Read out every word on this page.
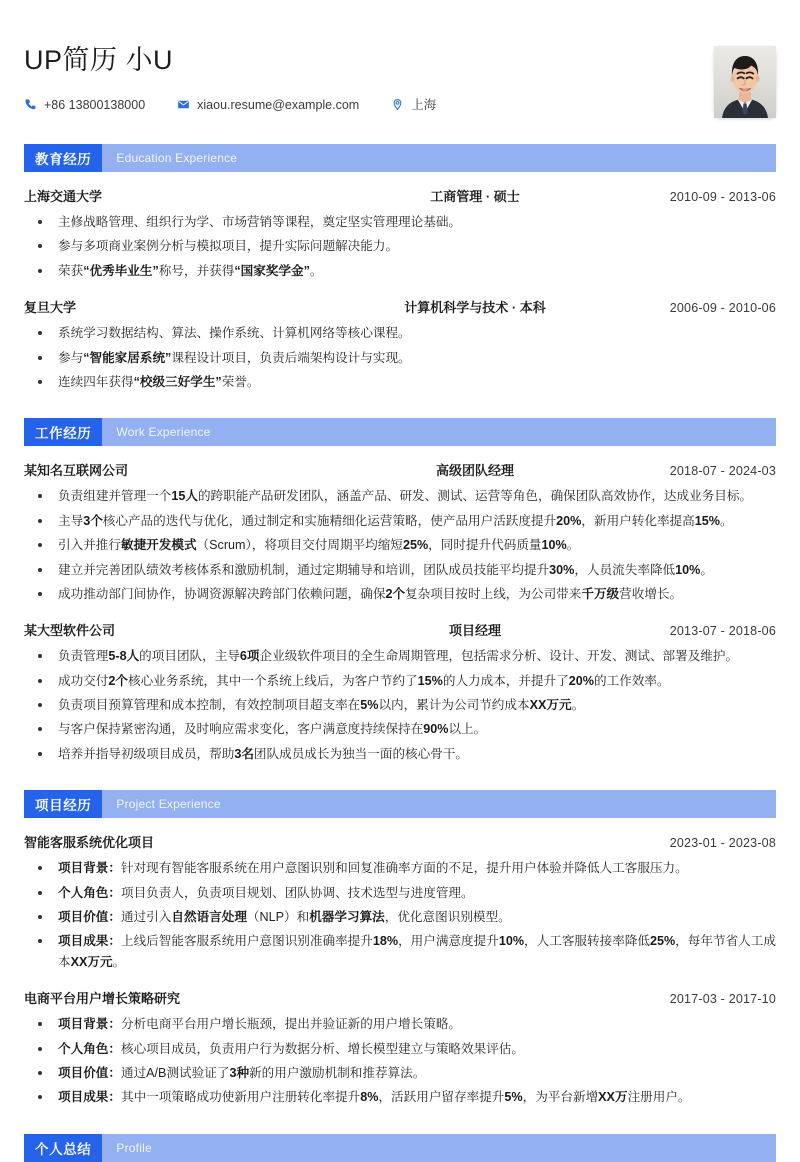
UP简历 小U
+86 13800138000	xiaou.resume@example.com	上海
教育经历	Education Experience
上海交通大学	工商管理 · 硕士	2010-09 - 2013-06
主修战略管理、组织行为学、市场营销等课程，奠定坚实管理理论基础。
参与多项商业案例分析与模拟项目，提升实际问题解决能力。
荣获“优秀毕业生”称号，并获得“国家奖学金”。
复旦大学	计算机科学与技术 · 本科	2006-09 - 2010-06
系统学习数据结构、算法、操作系统、计算机网络等核心课程。
参与“智能家居系统”课程设计项目，负责后端架构设计与实现。
连续四年获得“校级三好学生”荣誉。
工作经历	Work Experience
某知名互联网公司	高级团队经理	2018-07 - 2024-03
负责组建并管理一个15人的跨职能产品研发团队，涵盖产品、研发、测试、运营等角色，确保团队高效协作，达成业务目标。
主导3个核心产品的迭代与优化，通过制定和实施精细化运营策略，使产品用户活跃度提升20%，新用户转化率提高15%。
引入并推行敏捷开发模式（Scrum），将项目交付周期平均缩短25%，同时提升代码质量10%。
建立并完善团队绩效考核体系和激励机制，通过定期辅导和培训，团队成员技能平均提升30%，人员流失率降低10%。
成功推动部门间协作，协调资源解决跨部门依赖问题，确保2个复杂项目按时上线，为公司带来千万级营收增长。
某大型软件公司	项目经理	2013-07 - 2018-06
负责管理5-8人的项目团队，主导6项企业级软件项目的全生命周期管理，包括需求分析、设计、开发、测试、部署及维护。
成功交付2个核心业务系统，其中一个系统上线后，为客户节约了15%的人力成本，并提升了20%的工作效率。
负责项目预算管理和成本控制，有效控制项目超支率在5%以内，累计为公司节约成本XX万元。
与客户保持紧密沟通，及时响应需求变化，客户满意度持续保持在90%以上。
培养并指导初级项目成员，帮助3名团队成员成长为独当一面的核心骨干。
项目经历	Project Experience
智能客服系统优化项目	2023-01 - 2023-08
项目背景：针对现有智能客服系统在用户意图识别和回复准确率方面的不足，提升用户体验并降低人工客服压力。
个人角色：项目负责人，负责项目规划、团队协调、技术选型与进度管理。
项目价值：通过引入自然语言处理（NLP）和机器学习算法，优化意图识别模型。
项目成果：上线后智能客服系统用户意图识别准确率提升18%，用户满意度提升10%，人工客服转接率降低25%，每年节省人工成本XX万元。
电商平台用户增长策略研究	2017-03 - 2017-10
项目背景：分析电商平台用户增长瓶颈，提出并验证新的用户增长策略。
个人角色：核心项目成员，负责用户行为数据分析、增长模型建立与策略效果评估。
项目价值：通过A/B测试验证了3种新的用户激励机制和推荐算法。
项目成果：其中一项策略成功使新用户注册转化率提升8%，活跃用户留存率提升5%，为平台新增XX万注册用户。
个人总结	Profile
